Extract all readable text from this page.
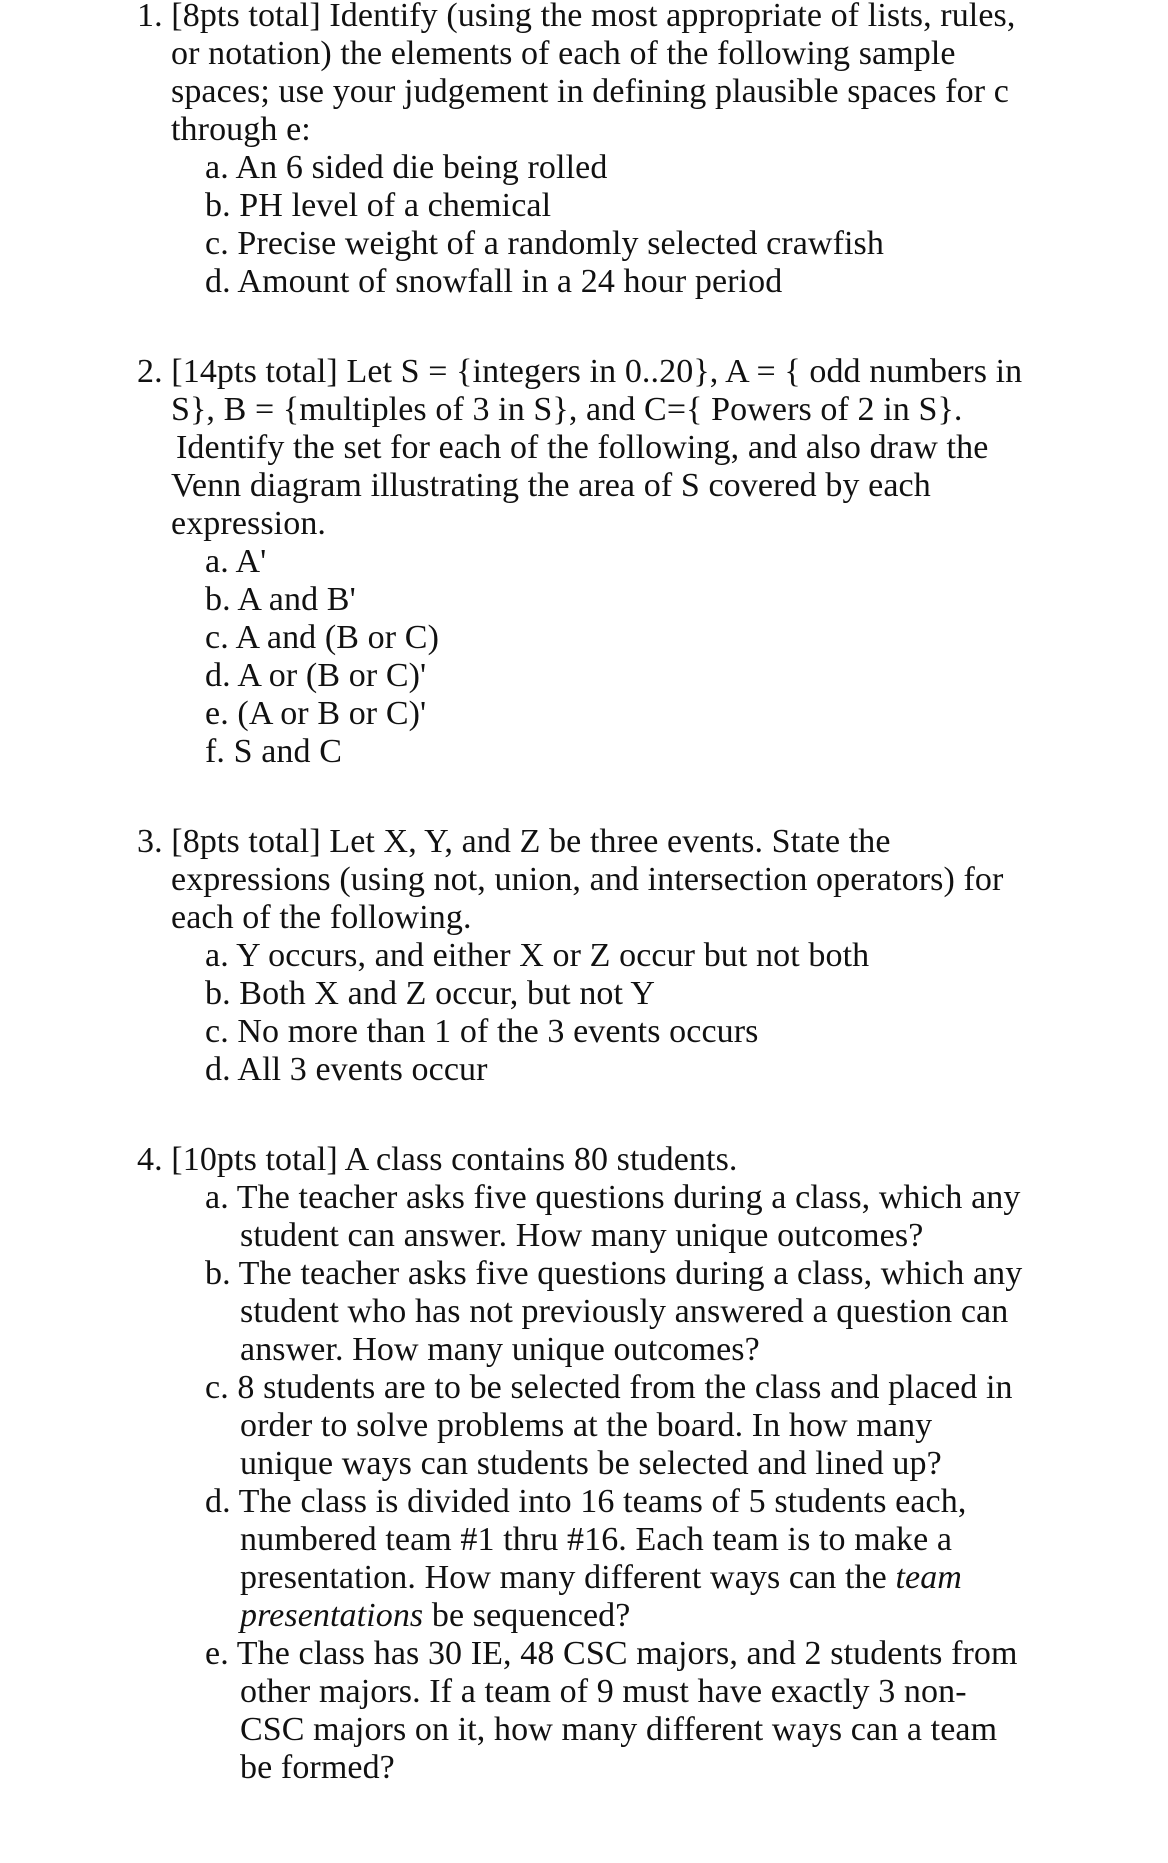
1. [8pts total] Identify (using the most appropriate of lists, rules,
or notation) the elements of each of the following sample
spaces; use your judgement in defining plausible spaces for c
through e:
a. An 6 sided die being rolled
b. PH level of a chemical
c. Precise weight of a randomly selected crawfish
d. Amount of snowfall in a 24 hour period
2. [14pts total] Let S = {integers in 0..20}, A = { odd numbers in
S}, B = {multiples of 3 in S}, and C={ Powers of 2 in S}.
Identify the set for each of the following, and also draw the
Venn diagram illustrating the area of S covered by each
expression.
a. A'
b. A and B'
c. A and (B or C)
d. A or (B or C)'
e. (A or B or C)'
f. S and C
3. [8pts total] Let X, Y, and Z be three events. State the
expressions (using not, union, and intersection operators) for
each of the following.
a. Y occurs, and either X or Z occur but not both
b. Both X and Z occur, but not Y
c. No more than 1 of the 3 events occurs
d. All 3 events occur
4. [10pts total] A class contains 80 students.
a. The teacher asks five questions during a class, which any
student can answer. How many unique outcomes?
b. The teacher asks five questions during a class, which any
student who has not previously answered a question can
answer. How many unique outcomes?
c. 8 students are to be selected from the class and placed in
order to solve problems at the board. In how many
unique ways can students be selected and lined up?
d. The class is divided into 16 teams of 5 students each,
numbered team #1 thru #16. Each team is to make a
presentation. How many different ways can the team
presentations be sequenced?
e. The class has 30 IE, 48 CSC majors, and 2 students from
other majors. If a team of 9 must have exactly 3 non-
CSC majors on it, how many different ways can a team
be formed?
